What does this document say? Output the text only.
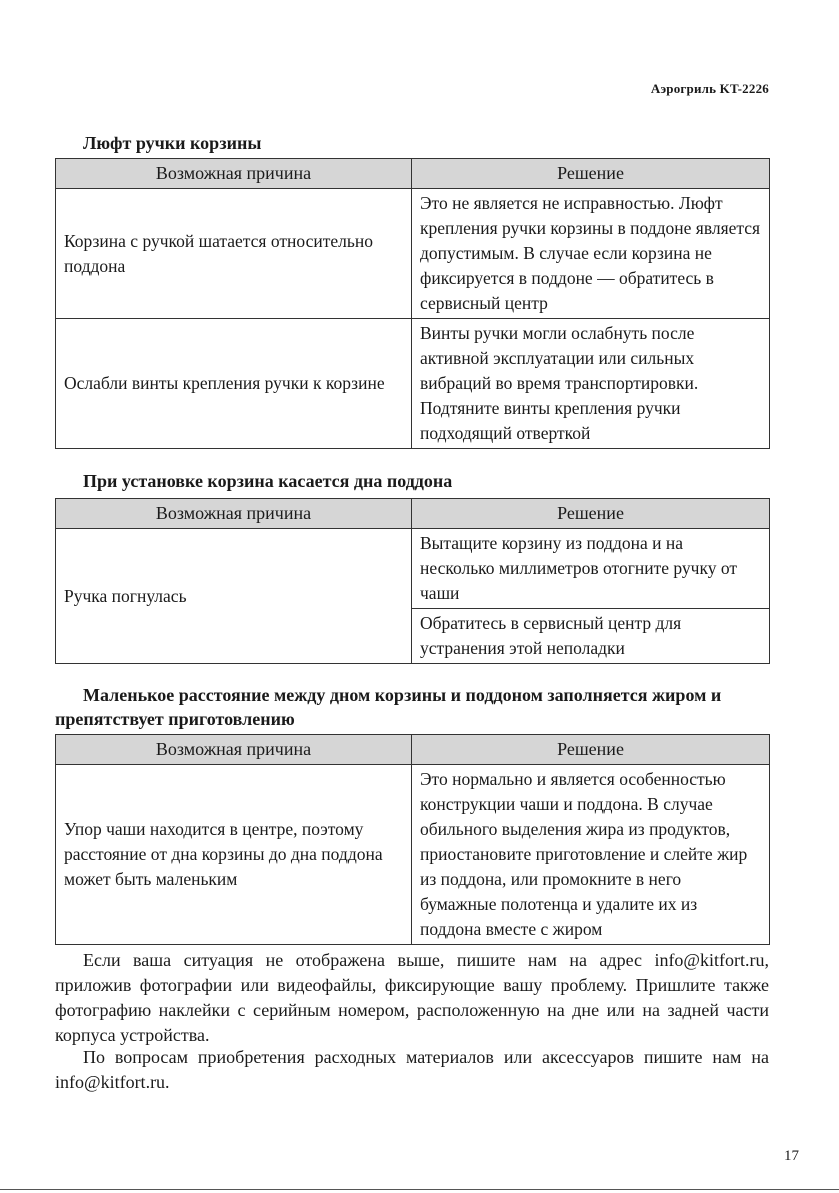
Аэрогриль KT-2226
Люфт ручки корзины
Возможная причина	Решение
Корзина с ручкой шатается относительно поддона	Это не является не исправностью. Люфт крепления ручки корзины в поддоне является допустимым. В случае если корзина не фиксируется в поддоне — обратитесь в сервисный центр
Ослабли винты крепления ручки к корзине	Винты ручки могли ослабнуть после активной эксплуатации или сильных вибраций во время транспортировки. Подтяните винты крепления ручки подходящий отверткой
При установке корзина касается дна поддона
Возможная причина	Решение
Ручка погнулась	Вытащите корзину из поддона и на несколько миллиметров отогните ручку от чаши
	Обратитесь в сервисный центр для устранения этой неполадки
Маленькое расстояние между дном корзины и поддоном заполняется жиром и препятствует приготовлению
Возможная причина	Решение
Упор чаши находится в центре, поэтому расстояние от дна корзины до дна поддона может быть маленьким	Это нормально и является особенностью конструкции чаши и поддона. В случае обильного выделения жира из продуктов, приостановите приготовление и слейте жир из поддона, или промокните в него бумажные полотенца и удалите их из поддона вместе с жиром

Если ваша ситуация не отображена выше, пишите нам на адрес info@kitfort.ru, приложив фотографии или видеофайлы, фиксирующие вашу проблему. Пришлите также фотографию наклейки с серийным номером, расположенную на дне или на задней части корпуса устройства.

По вопросам приобретения расходных материалов или аксессуаров пишите нам на info@kitfort.ru.

17
